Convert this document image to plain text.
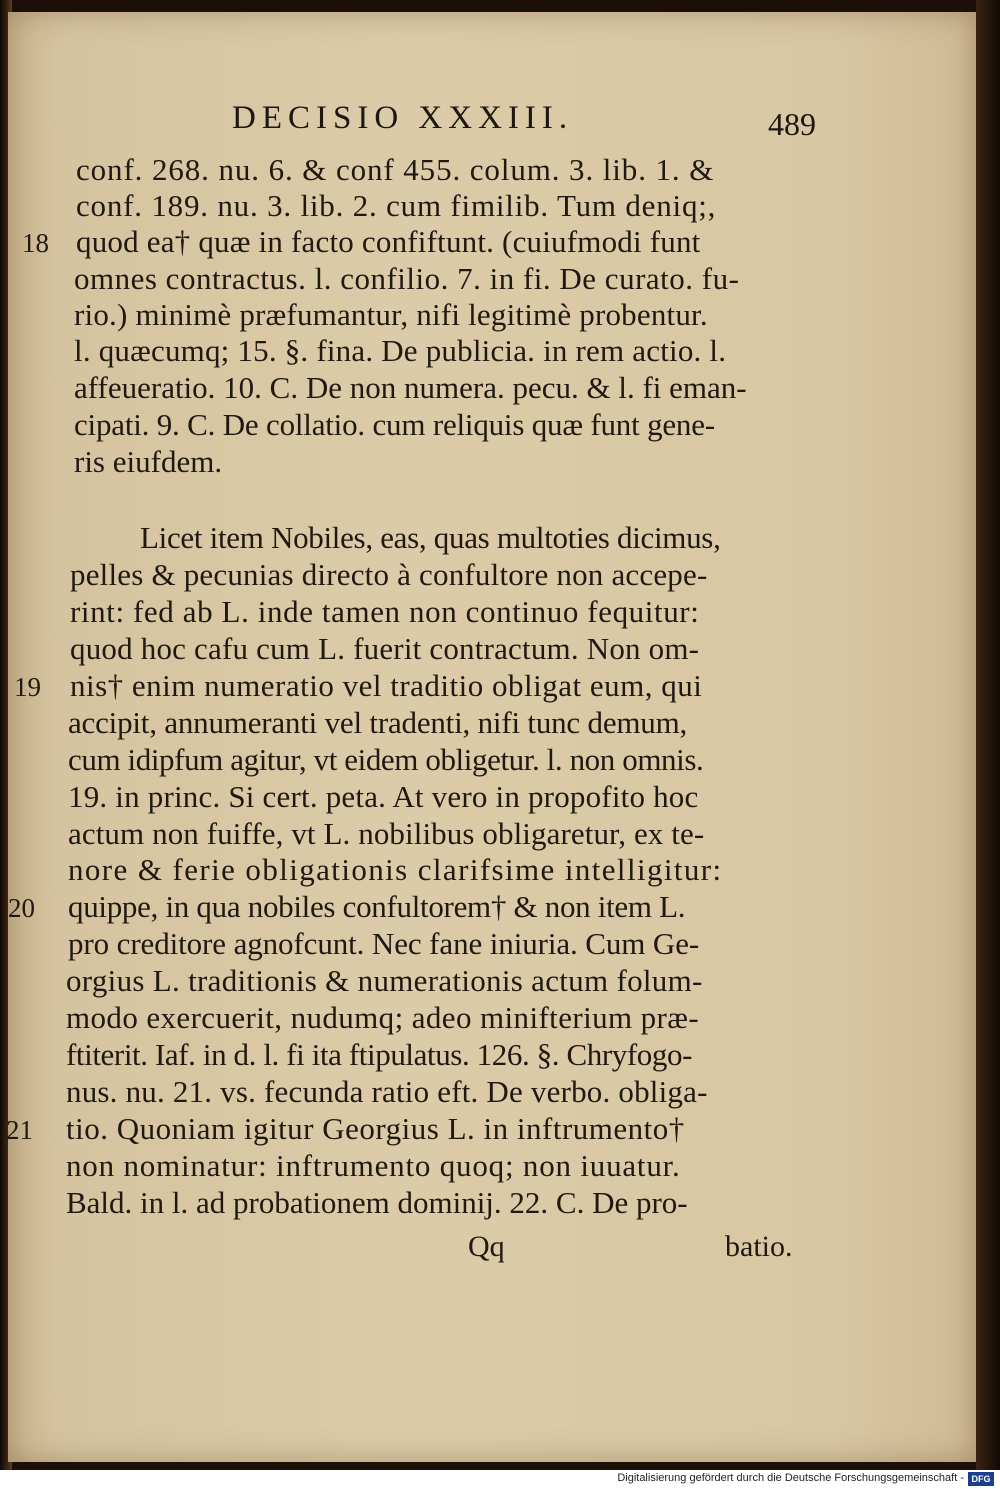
DECISIO XXXIII.	489

conf. 268. nu. 6. & conf 455. colum. 3. lib. 1. &

conf. 189. nu. 3. lib. 2. cum fimilib. Tum deniq;,

quod ea† quæ in facto confiftunt. (cuiufmodi funt

omnes contractus. l. confilio. 7. in fi. De curato. fu-

rio.) minimè præfumantur, nifi legitimè probentur.

l. quæcumq; 15. §. fina. De publicia. in rem actio. l.

affeueratio. 10. C. De non numera. pecu. & l. fi eman-

cipati. 9. C. De collatio. cum reliquis quæ funt gene-

ris eiufdem.

Licet item Nobiles, eas, quas multoties dicimus,

pelles & pecunias directo à confultore non accepe-

rint: fed ab L. inde tamen non continuo fequitur:

quod hoc cafu cum L. fuerit contractum. Non om-

nis† enim numeratio vel traditio obligat eum, qui

accipit, annumeranti vel tradenti, nifi tunc demum,

cum idipfum agitur, vt eidem obligetur. l. non omnis.

19. in princ. Si cert. peta. At vero in propofito hoc

actum non fuiffe, vt L. nobilibus obligaretur, ex te-

nore & ferie obligationis clarifsime intelligitur:

quippe, in qua nobiles confultorem† & non item L.

pro creditore agnofcunt. Nec fane iniuria. Cum Ge-

orgius L. traditionis & numerationis actum folum-

modo exercuerit, nudumq; adeo minifterium præ-

ftiterit. Iaf. in d. l. fi ita ftipulatus. 126. §. Chryfogo-

nus. nu. 21. vs. fecunda ratio eft. De verbo. obliga-

tio. Quoniam igitur Georgius L. in inftrumento†

non nominatur: inftrumento quoq; non iuuatur.

Bald. in l. ad probationem dominij. 22. C. De pro-

18

19

20

21

Qq	batio.
Digitalisierung gefördert durch die Deutsche Forschungsgemeinschaft - DFG
